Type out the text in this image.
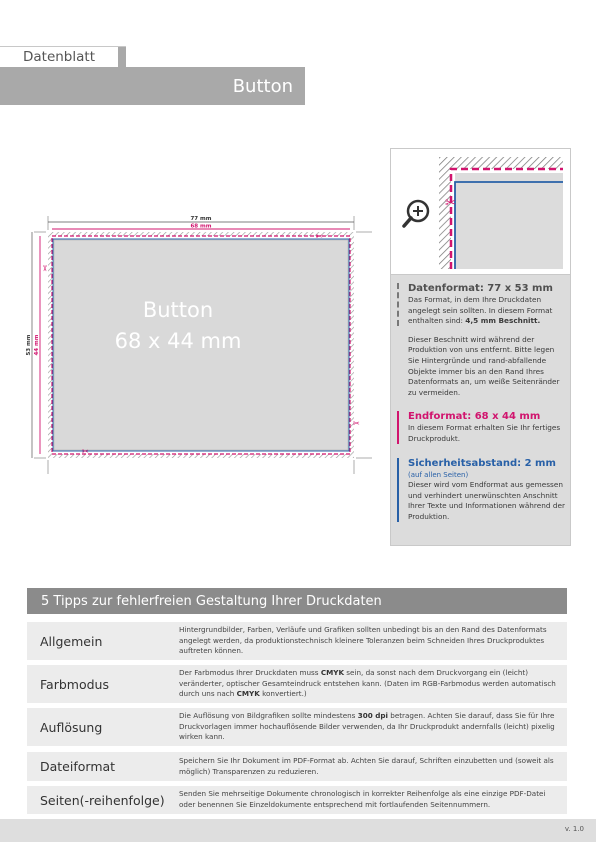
Datenblatt
Button
77 mm
68 mm
53 mm 44 mm
✂
✂
✂
✂
Button
68 x 44 mm
✂
Datenformat: 77 x 53 mm
Das Format, in dem Ihre Druckdaten angelegt sein sollten. In diesem Format enthalten sind: 4,5 mm Beschnitt.
Dieser Beschnitt wird während der Produktion von uns entfernt. Bitte legen Sie Hintergründe und rand-abfallende Objekte immer bis an den Rand Ihres Datenformats an, um weiße Seitenränder zu vermeiden.
Endformat: 68 x 44 mm
In diesem Format erhalten Sie Ihr fertiges Druckprodukt.
Sicherheitsabstand: 2 mm
(auf allen Seiten)
Dieser wird vom Endformat aus gemessen und verhindert unerwünschten Anschnitt Ihrer Texte und Informationen während der Produktion.
5 Tipps zur fehlerfreien Gestaltung Ihrer Druckdaten
Allgemein
Hintergrundbilder, Farben, Verläufe und Grafiken sollten unbedingt bis an den Rand des Datenformats angelegt werden, da produktionstechnisch kleinere Toleranzen beim Schneiden Ihres Druckproduktes auftreten können.
Farbmodus
Der Farbmodus Ihrer Druckdaten muss CMYK sein, da sonst nach dem Druckvorgang ein (leicht) veränderter, optischer Gesamteindruck entstehen kann. (Daten im RGB-Farbmodus werden automatisch durch uns nach CMYK konvertiert.)
Auflösung
Die Auflösung von Bildgrafiken sollte mindestens 300 dpi betragen. Achten Sie darauf, dass Sie für Ihre Druckvorlagen immer hochauflösende Bilder verwenden, da Ihr Druckprodukt andernfalls (leicht) pixelig wirken kann.
Dateiformat	Speichern Sie Ihr Dokument im PDF-Format ab. Achten Sie darauf, Schriften einzubetten und (soweit als möglich) Transparenzen zu reduzieren.
Seiten(-reihenfolge)	Senden Sie mehrseitige Dokumente chronologisch in korrekter Reihenfolge als eine einzige PDF-Datei oder benennen Sie Einzeldokumente entsprechend mit fortlaufenden Seitennummern.
v. 1.0
